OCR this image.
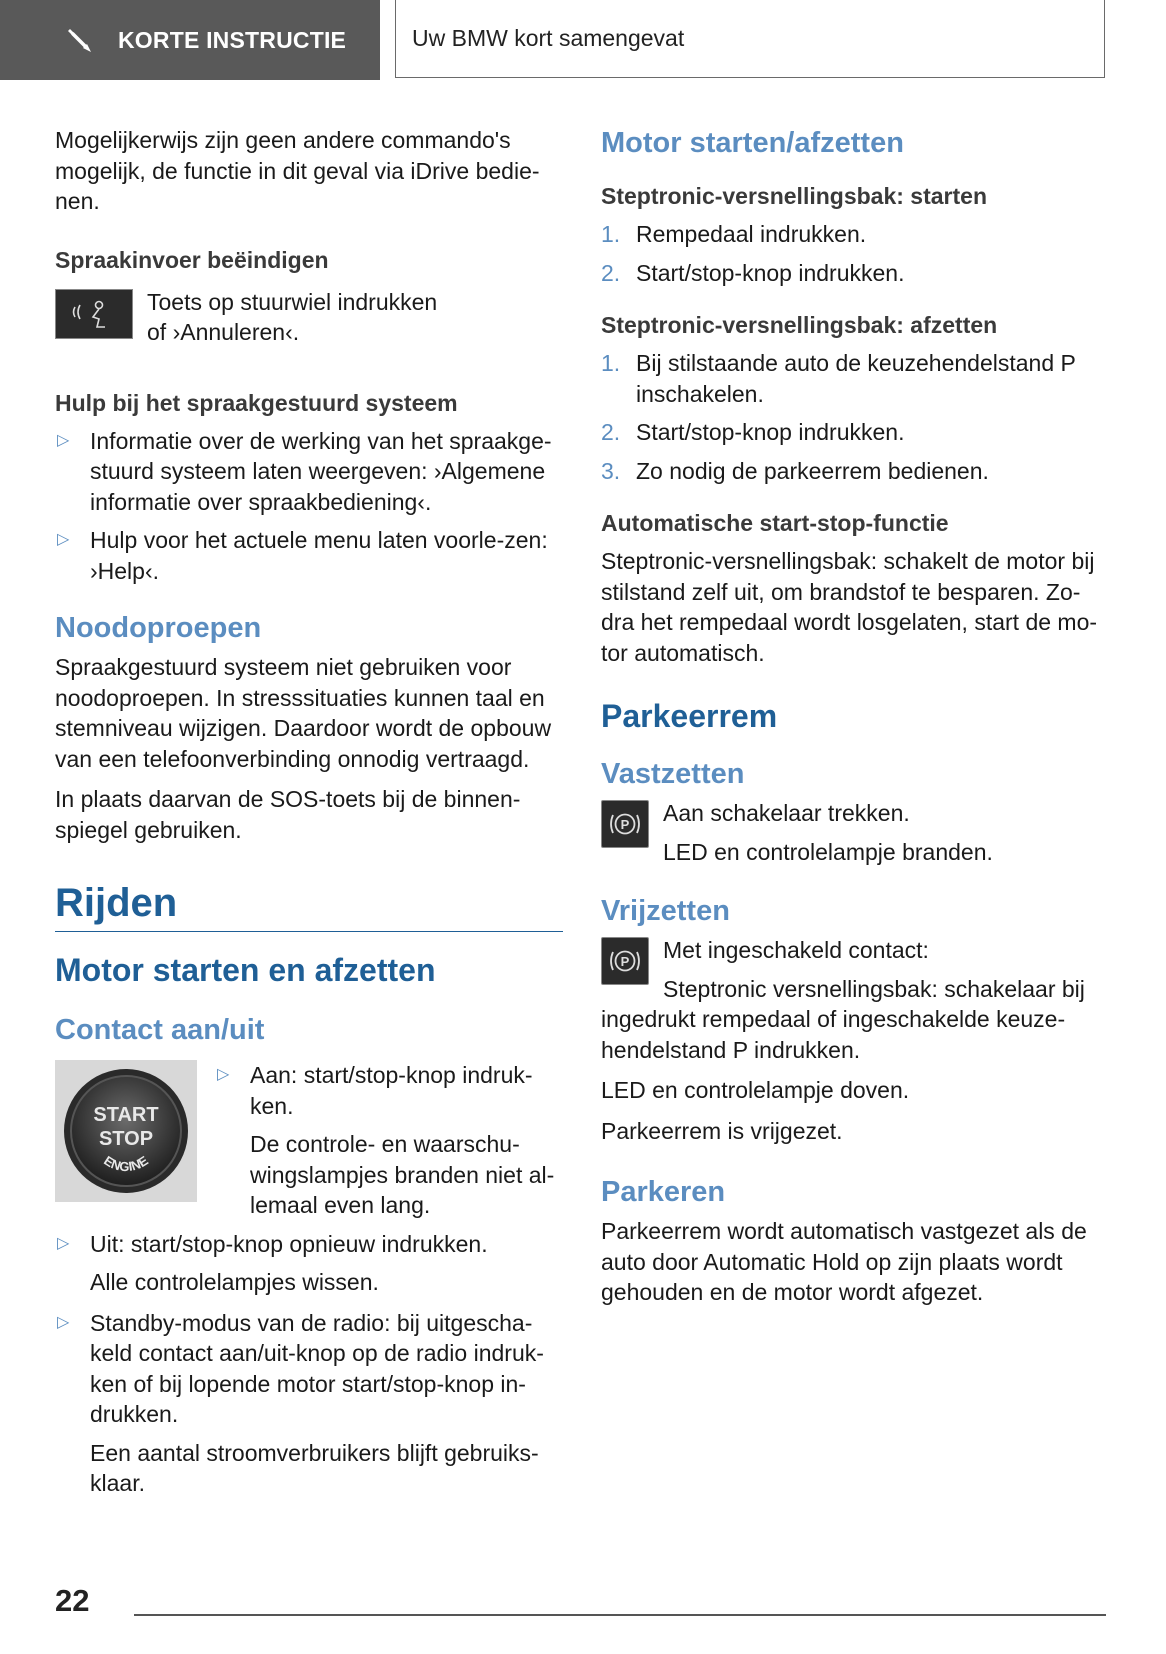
KORTE INSTRUCTIE	Uw BMW kort samengevat

Mogelijkerwijs zijn geen andere commando's mogelijk, de functie in dit geval via iDrive bedie-nen.

Spraakinvoer beëindigen

Toets op stuurwiel indrukken

of ›Annuleren‹.

Hulp bij het spraakgestuurd systeem
▷ Informatie over de werking van het spraakge-stuurd systeem laten weergeven: ›Algemene informatie over spraakbediening‹.
▷ Hulp voor het actuele menu laten voorle-zen: ›Help‹.
Noodoproepen

Spraakgestuurd systeem niet gebruiken voor noodoproepen. In stresssituaties kunnen taal en stemniveau wijzigen. Daardoor wordt de opbouw van een telefoonverbinding onnodig vertraagd.

In plaats daarvan de SOS-toets bij de binnen-spiegel gebruiken.

Rijden
Motor starten en afzetten
Contact aan/uit
START
STOP
ENGINE
▷ Aan: start/stop-knop indruk-ken.

De controle- en waarschu-wingslampjes branden niet al-lemaal even lang.

▷ Uit: start/stop-knop opnieuw indrukken.

Alle controlelampjes wissen.

▷ Standby-modus van de radio: bij uitgescha-keld contact aan/uit-knop op de radio indruk-ken of bij lopende motor start/stop-knop in-drukken.

Een aantal stroomverbruikers blijft gebruiks-klaar.

Motor starten/afzetten
Steptronic-versnellingsbak: starten
1. Rempedaal indrukken.
2. Start/stop-knop indrukken.
Steptronic-versnellingsbak: afzetten
1. Bij stilstaande auto de keuzehendelstand P inschakelen.
2. Start/stop-knop indrukken.
3. Zo nodig de parkeerrem bedienen.
Automatische start-stop-functie

Steptronic-versnellingsbak: schakelt de motor bij stilstand zelf uit, om brandstof te besparen. Zo-dra het rempedaal wordt losgelaten, start de mo-tor automatisch.

Parkeerrem
Vastzetten
P Aan schakelaar trekken.

LED en controlelampje branden.

Vrijzetten
P Met ingeschakeld contact:

Steptronic versnellingsbak: schakelaar bij

ingedrukt rempedaal of ingeschakelde keuze-hendelstand P indrukken.

LED en controlelampje doven.

Parkeerrem is vrijgezet.

Parkeren

Parkeerrem wordt automatisch vastgezet als de auto door Automatic Hold op zijn plaats wordt gehouden en de motor wordt afgezet.

22
